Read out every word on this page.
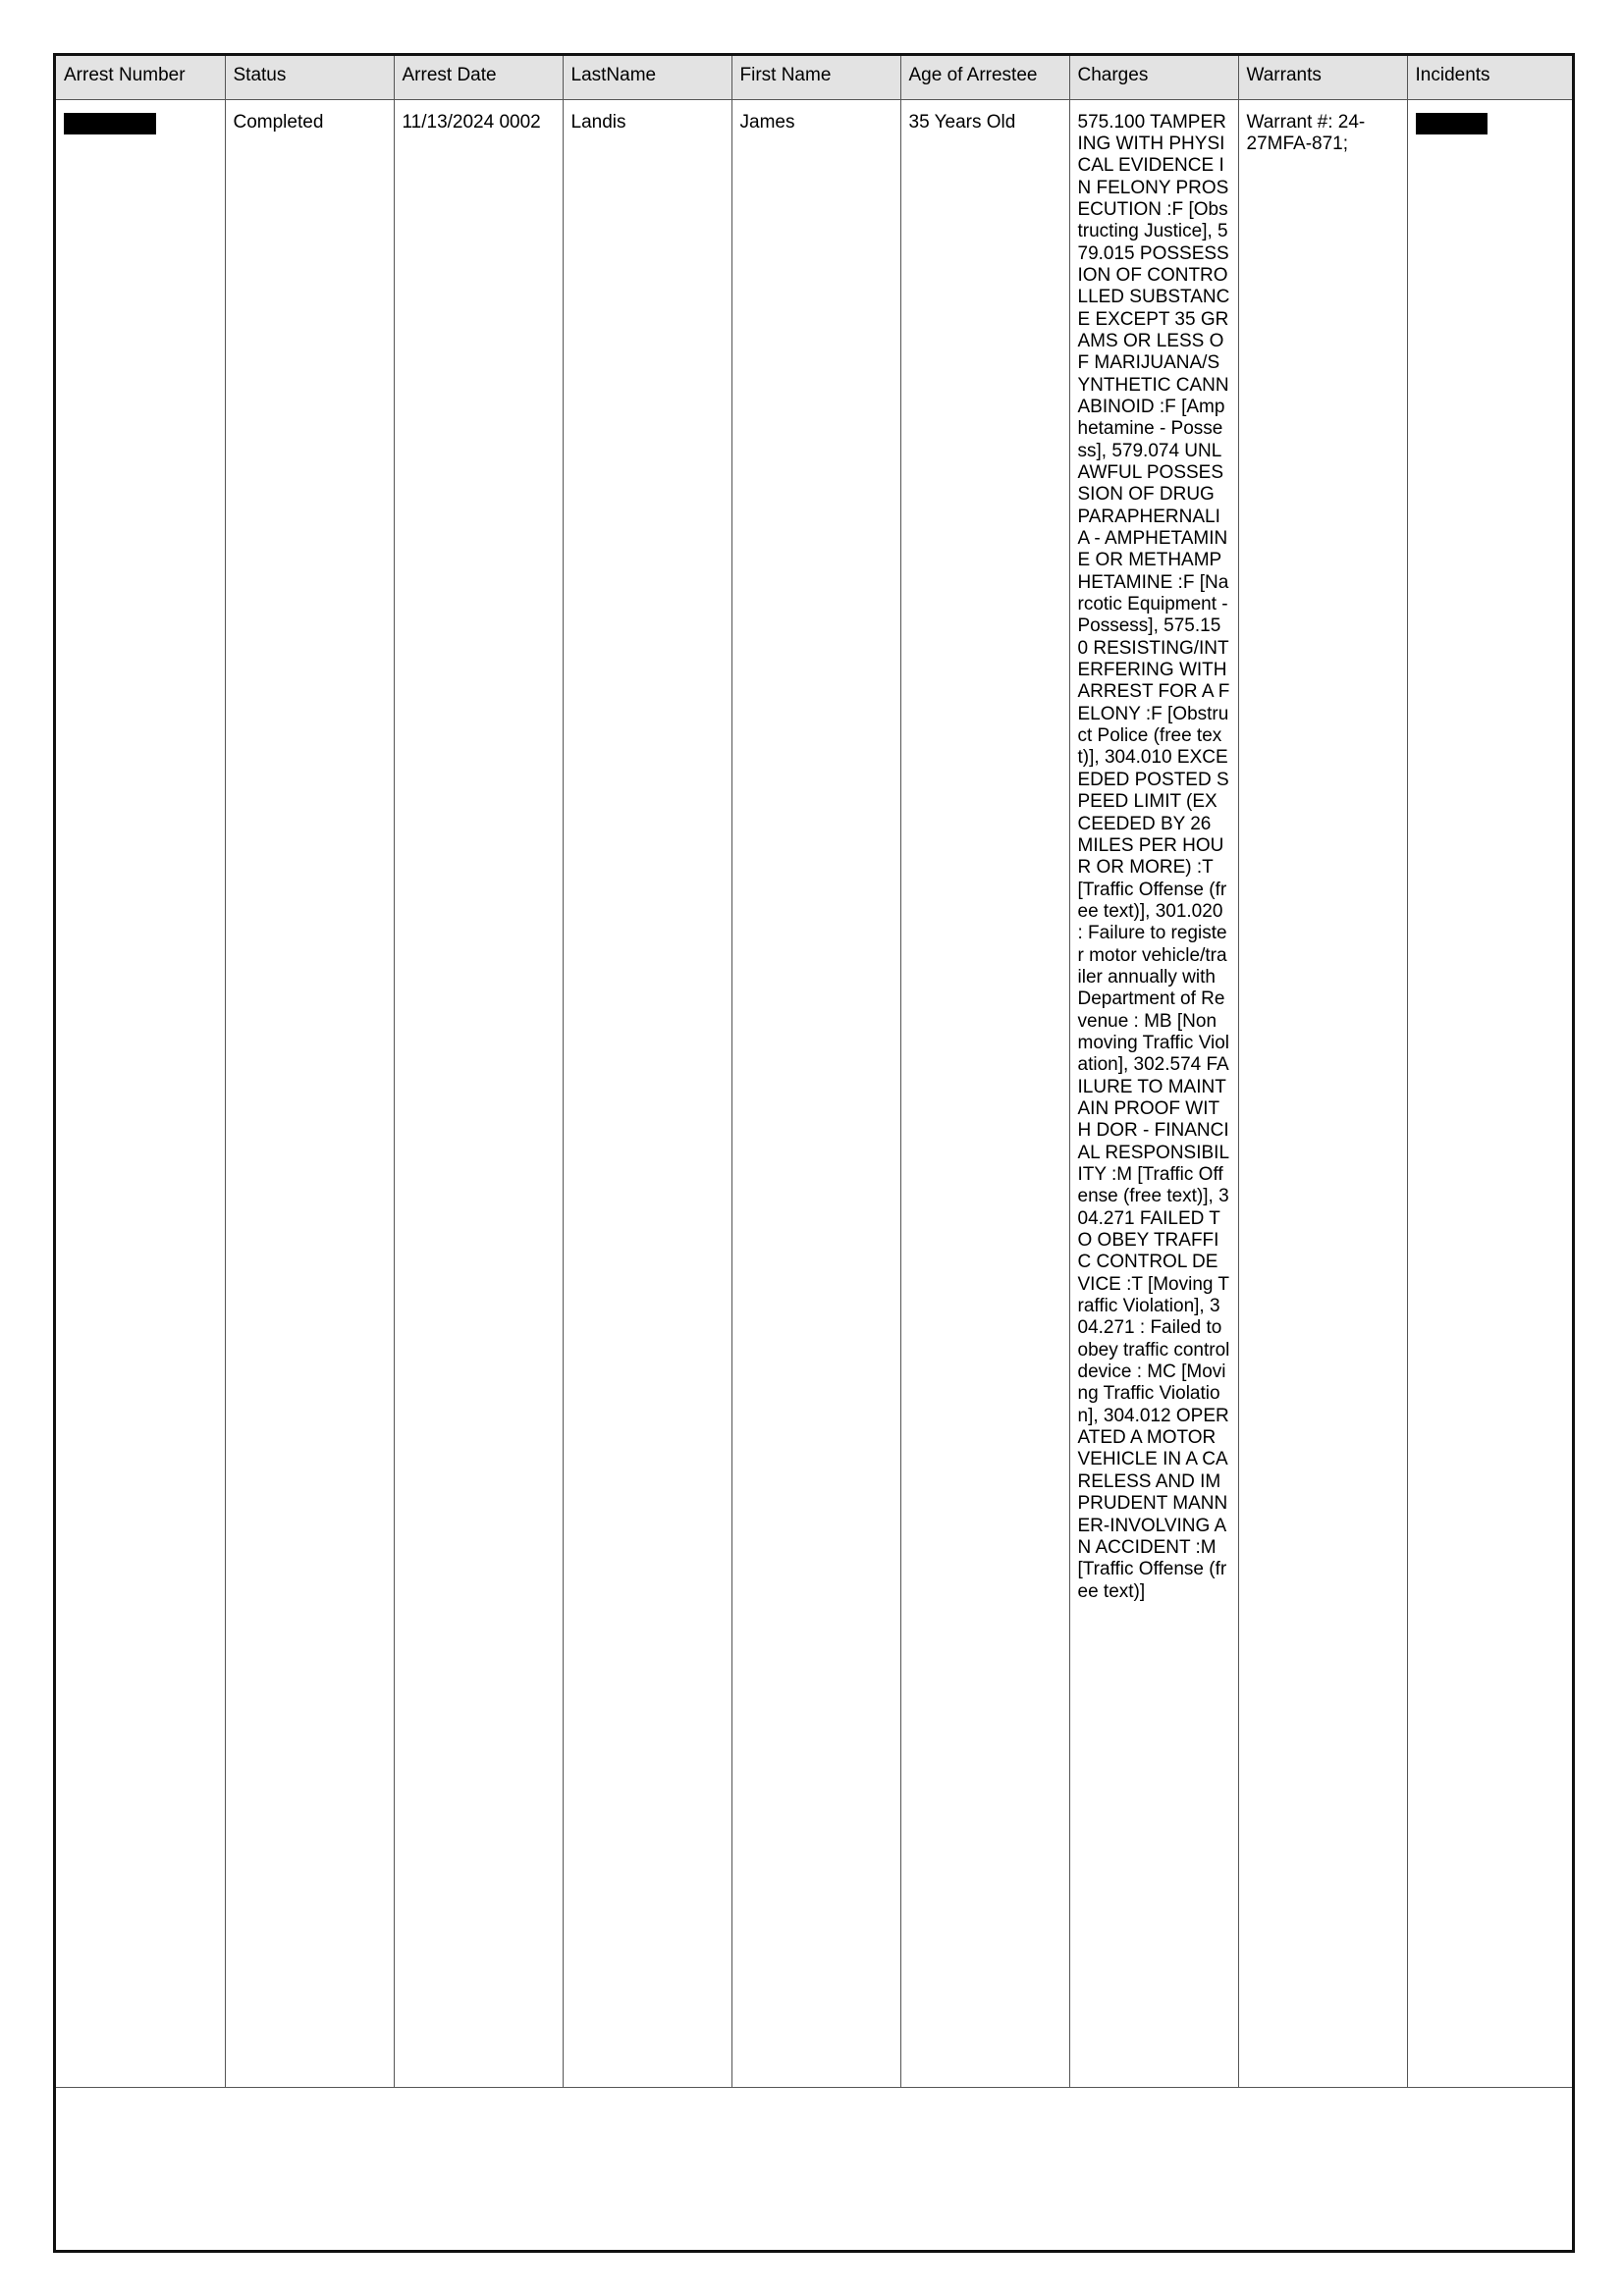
Arrest Number	Status	Arrest Date	LastName	First Name	Age of Arrestee	Charges	Warrants	Incidents
	Completed	11/13/2024 0002	Landis	James	35 Years Old	575.100 TAMPERING WITH PHYSICAL EVIDENCE IN FELONY PROSECUTION :F [Obstructing Justice], 579.015 POSSESSION OF CONTROLLED SUBSTANCE EXCEPT 35 GRAMS OR LESS OF MARIJUANA/SYNTHETIC CANNABINOID :F [Amphetamine - Possess], 579.074 UNLAWFUL POSSESSION OF DRUG PARAPHERNALIA - AMPHETAMINE OR METHAMPHETAMINE :F [Narcotic Equipment - Possess], 575.150 RESISTING/INTERFERING WITH ARREST FOR A FELONY :F [Obstruct Police (free text)], 304.010 EXCEEDED POSTED SPEED LIMIT (EXCEEDED BY 26 MILES PER HOUR OR MORE) :T [Traffic Offense (free text)], 301.020 : Failure to register motor vehicle/trailer annually with Department of Revenue : MB [Nonmoving Traffic Violation], 302.574 FAILURE TO MAINTAIN PROOF WITH DOR - FINANCIAL RESPONSIBILITY :M [Traffic Offense (free text)], 304.271 FAILED TO OBEY TRAFFIC CONTROL DEVICE :T [Moving Traffic Violation], 304.271 : Failed to obey traffic control device : MC [Moving Traffic Violation], 304.012 OPERATED A MOTOR VEHICLE IN A CARELESS AND IMPRUDENT MANNER-INVOLVING AN ACCIDENT :M [Traffic Offense (free text)]	Warrant #: 24-27MFA-871;	
